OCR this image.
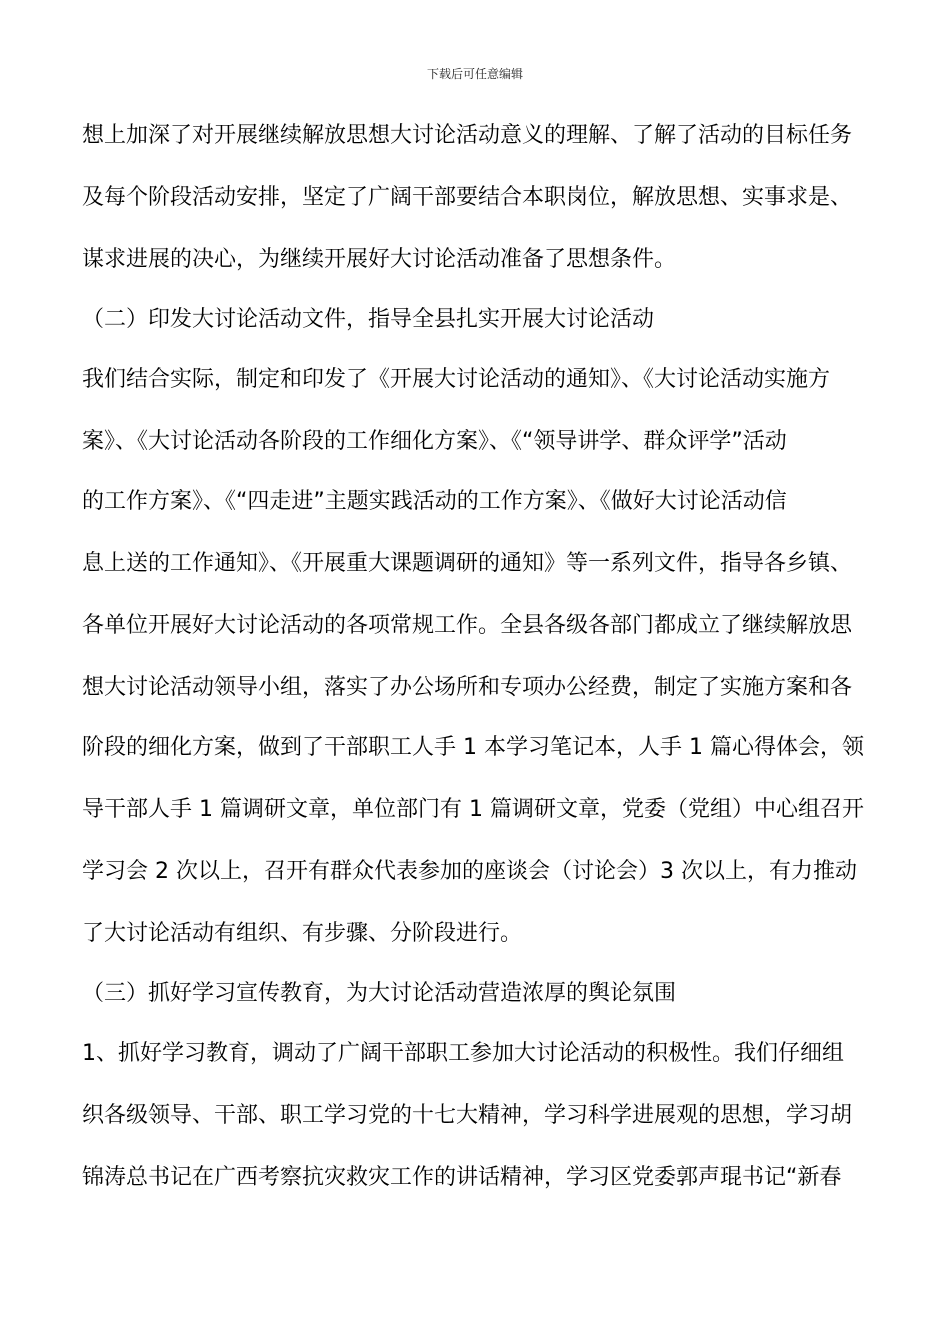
下载后可任意编辑
想上加深了对开展继续解放思想大讨论活动意义的理解、了解了活动的目标任务
及每个阶段活动安排，坚定了广阔干部要结合本职岗位，解放思想、实事求是、
谋求进展的决心，为继续开展好大讨论活动准备了思想条件。
（二）印发大讨论活动文件，指导全县扎实开展大讨论活动
我们结合实际，制定和印发了《开展大讨论活动的通知》、《大讨论活动实施方
案》、《大讨论活动各阶段的工作细化方案》、《“领导讲学、群众评学”活动
的工作方案》、《“四走进”主题实践活动的工作方案》、《做好大讨论活动信
息上送的工作通知》、《开展重大课题调研的通知》等一系列文件，指导各乡镇、
各单位开展好大讨论活动的各项常规工作。全县各级各部门都成立了继续解放思
想大讨论活动领导小组，落实了办公场所和专项办公经费，制定了实施方案和各
阶段的细化方案，做到了干部职工人手 1 本学习笔记本，人手 1 篇心得体会，领
导干部人手 1 篇调研文章，单位部门有 1 篇调研文章，党委（党组）中心组召开
学习会 2 次以上，召开有群众代表参加的座谈会（讨论会）3 次以上，有力推动
了大讨论活动有组织、有步骤、分阶段进行。
（三）抓好学习宣传教育，为大讨论活动营造浓厚的舆论氛围
1、抓好学习教育，调动了广阔干部职工参加大讨论活动的积极性。我们仔细组
织各级领导、干部、职工学习党的十七大精神，学习科学进展观的思想，学习胡
锦涛总书记在广西考察抗灾救灾工作的讲话精神，学习区党委郭声琨书记“新春
